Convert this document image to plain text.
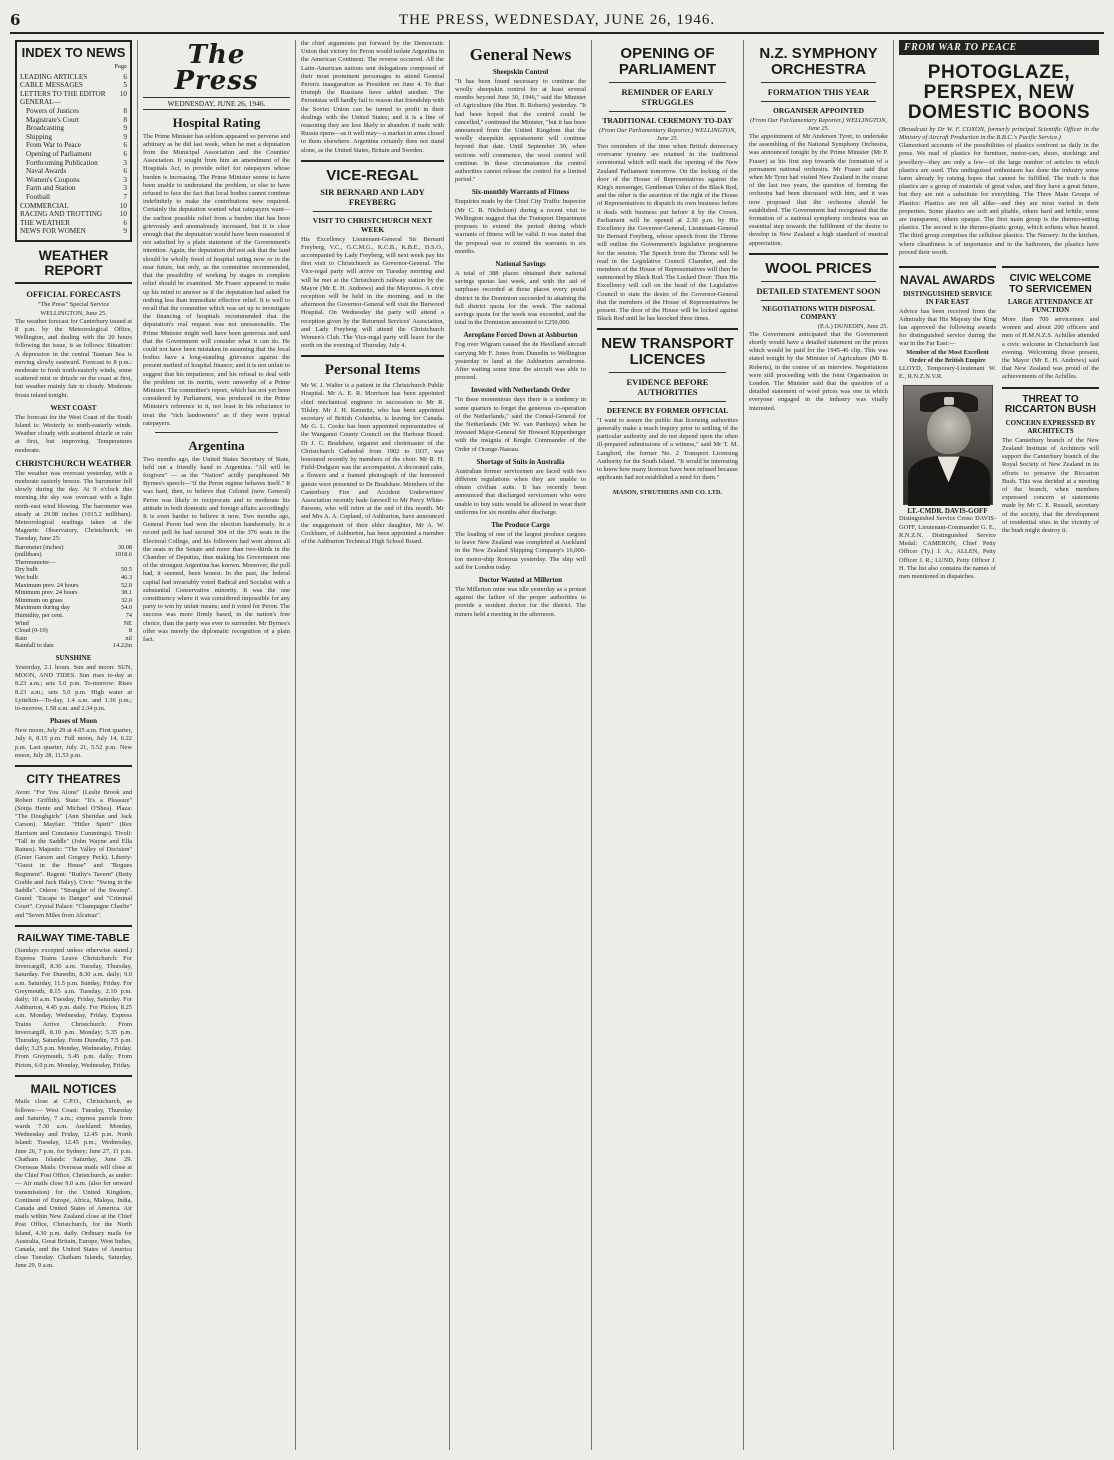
6	THE PRESS, WEDNESDAY, JUNE 26, 1946.
INDEX TO NEWS
Page
LEADING ARTICLES	6
CABLE MESSAGES	5
LETTERS TO THE EDITOR	10
GENERAL—
Powers of Justices	8
Magistrate's Court	8
Broadcasting	9
Shipping	9
From War to Peace	6
Opening of Parliament	6
Forthcoming Publication	3
Naval Awards	6
Women's Coupons	3
Farm and Station	3
Football	7
COMMERCIAL	10
RACING AND TROTTING	10
THE WEATHER	6
NEWS FOR WOMEN	9
WEATHER REPORT
OFFICIAL FORECASTS
"The Press" Special Service
WELLINGTON, June 25.
The weather forecast for Canterbury issued at 8 p.m. by the Meteorological Office, Wellington, and dealing with the 20 hours following the issue, is as follows: Situation: A depression in the central Tasman Sea is moving slowly eastward. Forecast to 8 p.m.: moderate to fresh north-easterly winds, some scattered mist or drizzle on the coast at first, but weather mainly fair to cloudy. Moderate frosts inland tonight.
WEST COAST
The forecast for the West Coast of the South Island is: Westerly to north-easterly winds. Weather cloudy with scattered drizzle or rain at first, but improving. Temperatures moderate.
CHRISTCHURCH WEATHER
The weather was overcast yesterday, with a moderate easterly breeze. The barometer fell slowly during the day. At 9 o'clock this morning the sky was overcast with a light north-east wind blowing. The barometer was steady at 29.98 inches (1015.2 millibars). Meteorological readings taken at the Magnetic Observatory, Christchurch, on Tuesday, June 25:
Barometer (inches)	30.08
(millibars)	1018.6
Thermometer—	
Dry bulb	50.5
Wet bulb	46.3
Maximum prev. 24 hours	52.0
Minimum prev. 24 hours	38.1
Minimum on grass	32.0
Maximum during day	54.0
Humidity, per cent.	74
Wind	NE
Cloud (0-10)	8
Rain	nil
Rainfall to date	14.22in
SUNSHINE
Yesterday, 2.1 hours. Sun and moon: SUN, MOON, AND TIDES. Sun rises to-day at 8.23 a.m.; sets 5.0 p.m. To-morrow: Rises 8.23 a.m.; sets 5.0 p.m. High water at Lyttelton—To-day, 1.4 a.m. and 1.36 p.m.; to-morrow, 1.58 a.m. and 2.34 p.m.
Phases of Moon
New moon, July 29 at 4.05 a.m. First quarter, July 6, 8.15 p.m. Full moon, July 14, 6.22 p.m. Last quarter, July 21, 5.52 p.m. New moon, July 28, 11.53 p.m.
CITY THEATRES
Avon: "For You Alone" (Leslie Brook and Robert Griffith). State: "It's a Pleasure" (Sonja Henie and Michael O'Shea). Plaza: "The Doughgirls" (Ann Sheridan and Jack Carson). Mayfair: "Hitler Spirit" (Rex Harrison and Constance Cummings). Tivoli: "Tall in the Saddle" (John Wayne and Ella Raines). Majestic: "The Valley of Decision" (Greer Garson and Gregory Peck). Liberty: "Guest in the House" and "Rogues Regiment". Regent: "Ruthy's Tavern" (Betty Grable and Jack Haley). Civic: "Swing in the Saddle". Odeon: "Strangler of the Swamp". Grand: "Escape to Danger" and "Criminal Court". Crystal Palace: "Champagne Charlie" and "Seven Miles from Alcatraz".
RAILWAY TIME-TABLE
(Sundays excepted unless otherwise stated.) Express Trains Leave Christchurch: For Invercargill, 8.30 a.m. Tuesday, Thursday, Saturday. For Dunedin, 8.30 a.m. daily; 9.0 a.m. Saturday, 11.5 p.m. Sunday, Friday. For Greymouth, 8.15 a.m. Tuesday, 2.10 p.m. daily; 10 a.m. Tuesday, Friday, Saturday. For Ashburton, 4.45 p.m. daily. For Picton, 8.25 a.m. Monday, Wednesday, Friday. Express Trains Arrive Christchurch: From Invercargill, 8.10 p.m. Monday; 5.35 p.m. Thursday, Saturday. From Dunedin, 7.5 p.m. daily; 3.25 p.m. Monday, Wednesday, Friday. From Greymouth, 5.45 p.m. daily; From Picton, 6.0 p.m. Monday, Wednesday, Friday.
MAIL NOTICES
Mails close at C.P.O., Christchurch, as follows:— West Coast: Tuesday, Thursday and Saturday, 7 a.m.; express parcels from wards 7.30 a.m. Auckland: Monday, Wednesday and Friday, 12.45 p.m. North Island: Tuesday, 12.45 p.m.; Wednesday, June 26, 7 p.m. for Sydney; June 27, 11 p.m. Chatham Islands: Saturday, June 29. Overseas Mails: Overseas mails will close at the Chief Post Office, Christchurch, as under:— Air mails close 9.0 a.m. (also for onward transmission) for the United Kingdom, Continent of Europe, Africa, Malaya, India, Canada and United States of America. Air mails within New Zealand close at the Chief Post Office, Christchurch, for the North Island, 4.30 p.m. daily. Ordinary mails for Australia, Great Britain, Europe, West Indies, Canada, and the United States of America close Tuesday. Chatham Islands, Saturday, June 29, 9 a.m.
The Press
WEDNESDAY, JUNE 26, 1946.
Hospital Rating
The Prime Minister has seldom appeared so perverse and arbitrary as he did last week, when he met a deputation from the Municipal Association and the Counties' Association. It sought from him an amendment of the Hospitals Act, to provide relief for ratepayers whose burden is increasing. The Prime Minister seems to have been unable to understand the problem, or else to have refused to face the fact that local bodies cannot continue indefinitely to make the contributions now required. Certainly the deputation wanted what ratepayers want—the earliest possible relief from a burden that has been grievously and anomalously increased, but it is clear enough that the deputation would have been reassured if not satisfied by a plain statement of the Government's intention. Again, the deputation did not ask that the land should be wholly freed of hospital rating now or in the near future, but only, as the committee recommended, that the possibility of working by stages to complete relief should be examined. Mr Fraser appeared to make up his mind to answer as if the deputation had asked for nothing less than immediate effective relief. It is well to recall that the committee which was set up to investigate the financing of hospitals recommended that the deputation's real request was not unreasonable. The Prime Minister might well have been generous and said that the Government will consider what it can do. He could not have been mistaken in assuming that the local bodies have a long-standing grievance against the present method of hospital finance; and it is not unfair to suggest that his impatience, and his refusal to deal with the problem on its merits, were unworthy of a Prime Minister. The committee's report, which has not yet been considered by Parliament, was produced in the Prime Minister's reference to it, not least in his reluctance to treat the "rich landowners" as if they were typical ratepayers.
Argentina
Two months ago, the United States Secretary of State, held out a friendly hand to Argentina. "All will be forgiven" — as the "Nation" acidly paraphrased Mr Byrnes's speech—"if the Peron regime behaves itself." It was hard, then, to believe that Colonel (now General) Peron was likely to reciprocate and to moderate his attitude in both domestic and foreign affairs accordingly. It is even harder to believe it now. Two months ago, General Peron had won the election handsomely. In a record poll he had secured 304 of the 376 seats in the Electoral College, and his followers had won almost all the seats in the Senate and more than two-thirds in the Chamber of Deputies, thus making his Government one of the strongest Argentina has known. Moreover, the poll had, it seemed, been honest. In the past, the federal capital had invariably voted Radical and Socialist with a substantial Conservative minority. It was the one constituency where it was considered impossible for any party to win by unfair means; and it voted for Peron. The success was more firmly based, in the nation's free choice, than the party was ever to surrender. Mr Byrnes's offer was merely the diplomatic recognition of a plain fact.
the chief arguments put forward by the Democratic Union that victory for Peron would isolate Argentina in the American Continent. The reverse occurred. All the Latin-American nations sent delegations composed of their most prominent personages to attend General Peron's inauguration as President on June 4. To that triumph the Russians have added another. The Peronistas will hardly fail to reason that friendship with the Soviet Union can be turned to profit in their dealings with the United States; and it is a line of reasoning they are less likely to abandon if trade with Russia opens—as it well may—a market in arms closed to them elsewhere. Argentina certainly does not stand alone, as the United States, Britain and Sweden.
VICE-REGAL
SIR BERNARD AND LADY FREYBERG
VISIT TO CHRISTCHURCH NEXT WEEK
His Excellency Lieutenant-General Sir Bernard Freyberg, V.C., G.C.M.G., K.C.B., K.B.E., D.S.O., accompanied by Lady Freyberg, will next week pay his first visit to Christchurch as Governor-General. The Vice-regal party will arrive on Tuesday morning and will be met at the Christchurch railway station by the Mayor (Mr E. H. Andrews) and the Mayoress. A civic reception will be held in the morning, and in the afternoon the Governor-General will visit the Burwood Hospital. On Wednesday the party will attend a reception given by the Returned Services' Association, and Lady Freyberg will attend the Christchurch Women's Club. The Vice-regal party will leave for the north on the evening of Thursday, July 4.
Personal Items
Mr W. J. Walter is a patient in the Christchurch Public Hospital. Mr A. E. R. Morrison has been appointed chief mechanical engineer in succession to Mr R. Tilsley. Mr J. H. Kemnitz, who has been appointed secretary of British Columbia, is leaving for Canada. Mr G. L. Cooke has been appointed representative of the Wanganui County Council on the Harbour Board. Dr J. C. Bradshaw, organist and choirmaster of the Christchurch Cathedral from 1902 to 1937, was honoured recently by members of the choir. Mr R. H. Field-Dodgson was the accompanist. A decorated cake, a flowers and a framed photograph of the honoured guests were presented to Dr Bradshaw. Members of the Canterbury Fire and Accident Underwriters' Association recently bade farewell to Mr Percy White-Parsons, who will retire at the end of this month. Mr and Mrs A. A. Copland, of Ashburton, have announced the engagement of their elder daughter, Mr A. W. Cockburn, of Ashburton, has been appointed a member of the Ashburton Technical High School Board.
General News
Sheepskin Control
"It has been found necessary to continue the woolly sheepskin control for at least several months beyond June 30, 1946," said the Minister of Agriculture (the Hon. B. Roberts) yesterday. "It had been hoped that the control could be cancelled," continued the Minister, "but it has been announced from the United Kingdom that the woolly sheepskin appraisement will continue beyond that date. Until September 30, when sections will commence, the wool control will continue. In these circumstances the control authorities cannot release the control for a limited period."
Six-monthly Warrants of Fitness
Enquiries made by the Chief City Traffic Inspector (Mr C. B. Nicholson) during a recent visit to Wellington suggest that the Transport Department proposes to extend the period during which warrants of fitness will be valid. It was stated that the proposal was to extend the warrants to six months.
National Savings
A total of 388 places obtained their national savings quotas last week, and with the aid of surpluses recorded at those places every postal district in the Dominion succeeded in attaining the full district quota for the week. The national savings quota for the week was exceeded, and the total in the Dominion amounted to £250,000.
Aeroplane Forced Down at Ashburton
Fog over Wigram caused the de Havilland aircraft carrying Mr F. Jones from Dunedin to Wellington yesterday to land at the Ashburton aerodrome. After waiting some time the aircraft was able to proceed.
Invested with Netherlands Order
"In these momentous days there is a tendency in some quarters to forget the generous co-operation of the Netherlands," said the Consul-General for the Netherlands (Mr W. van Panhuys) when he invested Major-General Sir Howard Kippenberger with the insignia of Knight Commander of the Order of Orange-Nassau.
Shortage of Suits in Australia
Australian former servicemen are faced with two different regulations when they are unable to obtain civilian suits. It has recently been announced that discharged servicemen who were unable to buy suits would be allowed to wear their uniforms for six months after discharge.
The Produce Cargo
The loading of one of the largest produce cargoes to leave New Zealand was completed at Auckland in the New Zealand Shipping Company's 16,000-ton motor-ship Rotorua yesterday. The ship will sail for London today.
Doctor Wanted at Millerton
The Millerton mine was idle yesterday as a protest against the failure of the proper authorities to provide a resident doctor for the district. The miners held a meeting in the afternoon.
OPENING OF PARLIAMENT
REMINDER OF EARLY STRUGGLES
TRADITIONAL CEREMONY TO-DAY
(From Our Parliamentary Reporter.) WELLINGTON, June 25.
Two reminders of the time when British democracy overcame tyranny are retained in the traditional ceremonial which will mark the opening of the New Zealand Parliament tomorrow. On the locking of the door of the House of Representatives against the King's messenger, Gentleman Usher of the Black Rod, and the other is the assertion of the right of the House of Representatives to dispatch its own business before it deals with business put before it by the Crown. Parliament will be opened at 2.30 p.m. by His Excellency the Governor-General, Lieutenant-General Sir Bernard Freyberg, whose speech from the Throne will outline the Government's legislative programme for the session. The Speech from the Throne will be read in the Legislative Council Chamber, and the members of the House of Representatives will then be summoned by Black Rod. The Locked Door: Then His Excellency will call on the head of the Legislative Council to state the desire of the Governor-General that the members of the House of Representatives be present. The door of the House will be locked against Black Rod until he has knocked three times.
NEW TRANSPORT LICENCES
EVIDENCE BEFORE AUTHORITIES
DEFENCE BY FORMER OFFICIAL
"I want to assure the public that licensing authorities generally make a much inquiry prior to settling of the particular authority and do not depend upon the often ill-prepared submissions of a witness," said Mr T. M. Langford, the former No. 2 Transport Licensing Authority for the South Island. "It would be interesting to know how many licences have been refused because applicants had not established a need for them."
MASON, STRUTHERS AND CO. LTD.
N.Z. SYMPHONY ORCHESTRA
FORMATION THIS YEAR
ORGANISER APPOINTED
(From Our Parliamentary Reporter.) WELLINGTON, June 25.
The appointment of Mr Andersen Tyrer, to undertake the assembling of the National Symphony Orchestra, was announced tonight by the Prime Minister (Mr P. Fraser) as his first step towards the formation of a permanent national orchestra. Mr Fraser said that when Mr Tyrer had visited New Zealand in the course of the last two years, the question of forming the orchestra had been discussed with him, and it was now proposed that the orchestra should be established. The Government had recognised that the formation of a national symphony orchestra was an essential step towards the fulfilment of the desire to develop in New Zealand a high standard of musical appreciation.
WOOL PRICES
DETAILED STATEMENT SOON
NEGOTIATIONS WITH DISPOSAL COMPANY
(P.A.) DUNEDIN, June 25.
The Government anticipated that the Government shortly would have a detailed statement on the prices which would be paid for the 1945-46 clip. This was stated tonight by the Minister of Agriculture (Mr B. Roberts), in the course of an interview. Negotiations were still proceeding with the Joint Organisation in London. The Minister said that the question of a detailed statement of wool prices was one in which everyone engaged in the industry was vitally interested.
FROM WAR TO PEACE
PHOTOGLAZE, PERSPEX, NEW DOMESTIC BOONS
(Broadcast by Dr W. F. COXON, formerly principal Scientific Officer in the Ministry of Aircraft Production in the B.B.C.'s Pacific Service.)
Glamorised accounts of the possibilities of plastics confront us daily in the press. We read of plastics for furniture, motor-cars, shoes, stockings and jewellery—they are only a few—of the large number of articles in which plastics are used. This undisguised enthusiasm has done the industry some harm already by raising hopes that cannot be fulfilled. The truth is that plastics are a group of materials of great value, and they have a great future, but they are not a substitute for everything. The Three Main Groups of Plastics: Plastics are not all alike—and they are most varied in their properties. Some plastics are soft and pliable, others hard and brittle; some are transparent, others opaque. The first main group is the thermo-setting plastics. The second is the thermo-plastic group, which softens when heated. The third group comprises the cellulose plastics. The Nursery: In the kitchen, where cleanliness is of importance and in the bathroom, the plastics have proved their worth.
NAVAL AWARDS
DISTINGUISHED SERVICE IN FAR EAST
Advice has been received from the Admiralty that His Majesty the King has approved the following awards for distinguished service during the war in the Far East:—
Member of the Most Excellent Order of the British Empire
LLOYD, Temporary-Lieutenant W. E., R.N.Z.N.V.R.
LT.-CMDR. DAVIS-GOFF
Distinguished Service Cross: DAVIS-GOFF, Lieutenant-Commander G. E., R.N.Z.N. Distinguished Service Medal: CAMERON, Chief Petty Officer (Ty.) J. A.; ALLEN, Petty Officer J. R.; LUND, Petty Officer J. H. The list also contains the names of men mentioned in dispatches.
CIVIC WELCOME TO SERVICEMEN
LARGE ATTENDANCE AT FUNCTION
More than 700 servicemen and women and about 200 officers and men of H.M.N.Z.S. Achilles attended a civic welcome in Christchurch last evening. Welcoming those present, the Mayor (Mr E. H. Andrews) said that New Zealand was proud of the achievements of the Achilles.
THREAT TO RICCARTON BUSH
CONCERN EXPRESSED BY ARCHITECTS
The Canterbury branch of the New Zealand Institute of Architects will support the Canterbury branch of the Royal Society of New Zealand in its efforts to preserve the Riccarton Bush. This was decided at a meeting of the branch, when members expressed concern at statements made by Mr C. E. Russell, secretary of the society, that the development of residential sites in the vicinity of the bush might destroy it.
